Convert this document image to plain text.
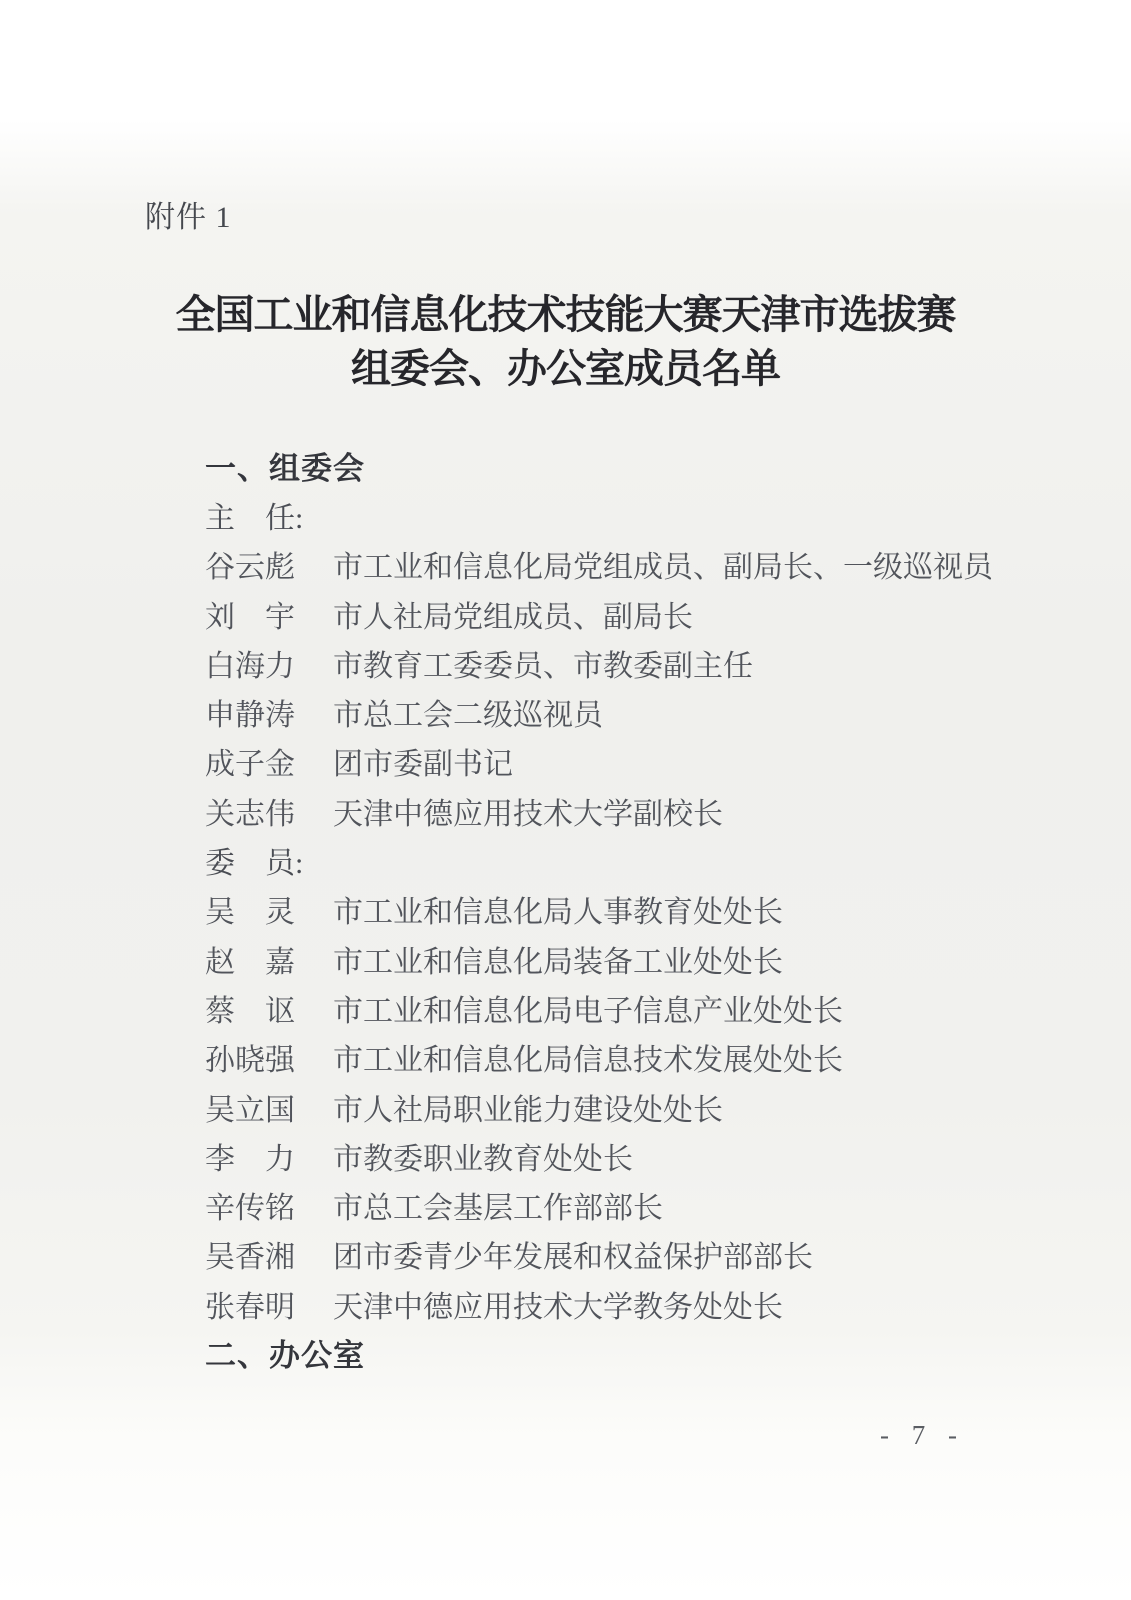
附件 1
全国工业和信息化技术技能大赛天津市选拔赛
组委会、办公室成员名单
一、组委会
主　任:
谷云彪 市工业和信息化局党组成员、副局长、一级巡视员
刘　宇 市人社局党组成员、副局长
白海力 市教育工委委员、市教委副主任
申静涛 市总工会二级巡视员
成子金 团市委副书记
关志伟 天津中德应用技术大学副校长
委　员:
吴　灵 市工业和信息化局人事教育处处长
赵　嘉 市工业和信息化局装备工业处处长
蔡　讴 市工业和信息化局电子信息产业处处长
孙晓强 市工业和信息化局信息技术发展处处长
吴立国 市人社局职业能力建设处处长
李　力 市教委职业教育处处长
辛传铭 市总工会基层工作部部长
吴香湘 团市委青少年发展和权益保护部部长
张春明 天津中德应用技术大学教务处处长
二、办公室
- 7 -
